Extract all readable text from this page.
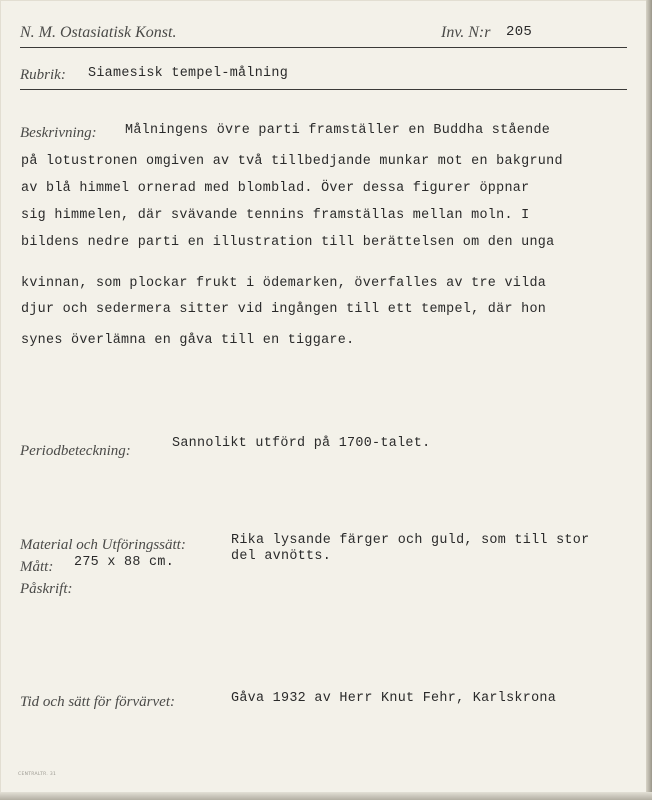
N. M. Ostasiatisk Konst.	Inv. N:r 205
Rubrik: Siamesisk tempel-målning
Beskrivning: Målningens övre parti framställer en Buddha stående
på lotustronen omgiven av två tillbedjande munkar mot en bakgrund
av blå himmel ornerad med blomblad. Över dessa figurer öppnar
sig himmelen, där svävande tennins framställas mellan moln. I
bildens nedre parti en illustration till berättelsen om den unga
kvinnan, som plockar frukt i ödemarken, överfalles av tre vilda
djur och sedermera sitter vid ingången till ett tempel, där hon
synes överlämna en gåva till en tiggare.
Periodbeteckning:	Sannolikt utförd på 1700-talet.
Material och Utföringssätt:	Rika lysande färger och guld, som till stor
del avnötts.
Mått: 275 x 88 cm.
Påskrift:
Tid och sätt för förvärvet:	Gåva 1932 av Herr Knut Fehr, Karlskrona
CENTRALTR. 31
